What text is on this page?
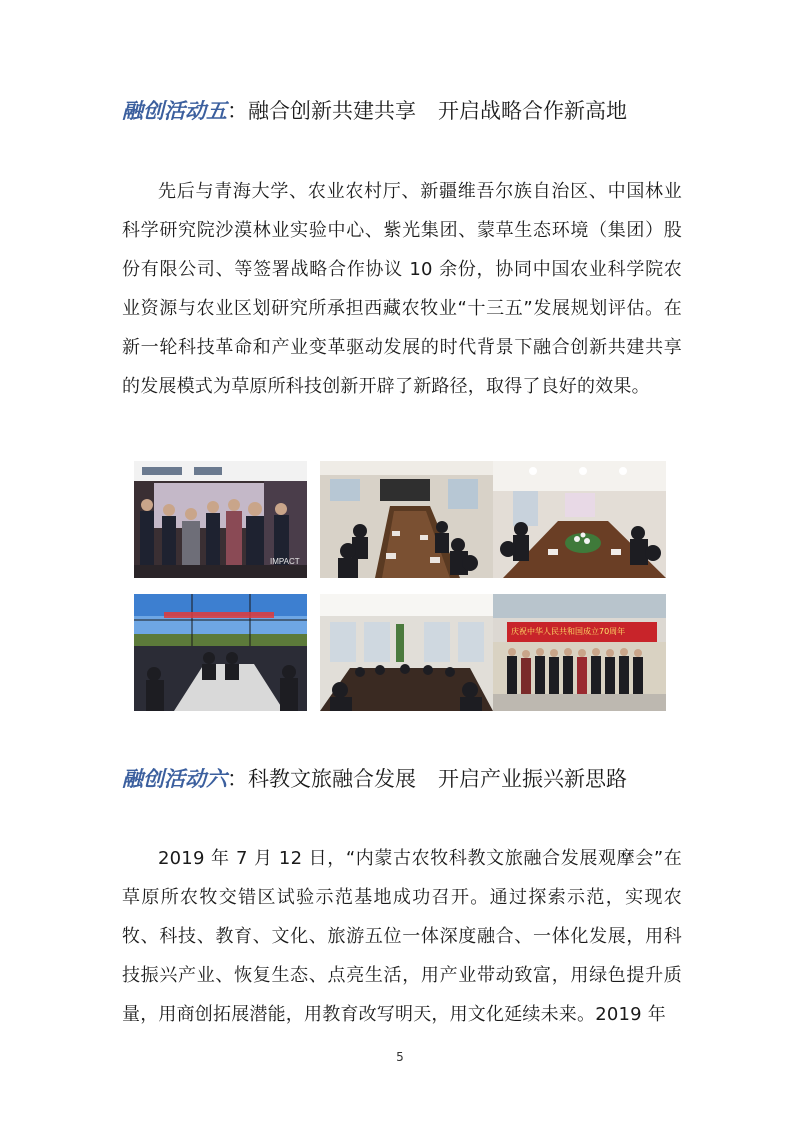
融创活动五：融合创新共建共享 开启战略合作新高地

先后与青海大学、农业农村厅、新疆维吾尔族自治区、中国林业科学研究院沙漠林业实验中心、紫光集团、蒙草生态环境（集团）股份有限公司、等签署战略合作协议 10 余份，协同中国农业科学院农业资源与农业区划研究所承担西藏农牧业“十三五”发展规划评估。在新一轮科技革命和产业变革驱动发展的时代背景下融合创新共建共享的发展模式为草原所科技创新开辟了新路径，取得了良好的效果。

IMPACT
庆祝中华人民共和国成立70周年
融创活动六：科教文旅融合发展 开启产业振兴新思路

2019 年 7 月 12 日，“内蒙古农牧科教文旅融合发展观摩会”在草原所农牧交错区试验示范基地成功召开。通过探索示范，实现农牧、科技、教育、文化、旅游五位一体深度融合、一体化发展，用科技振兴产业、恢复生态、点亮生活，用产业带动致富，用绿色提升质量，用商创拓展潜能，用教育改写明天，用文化延续未来。2019 年

5
